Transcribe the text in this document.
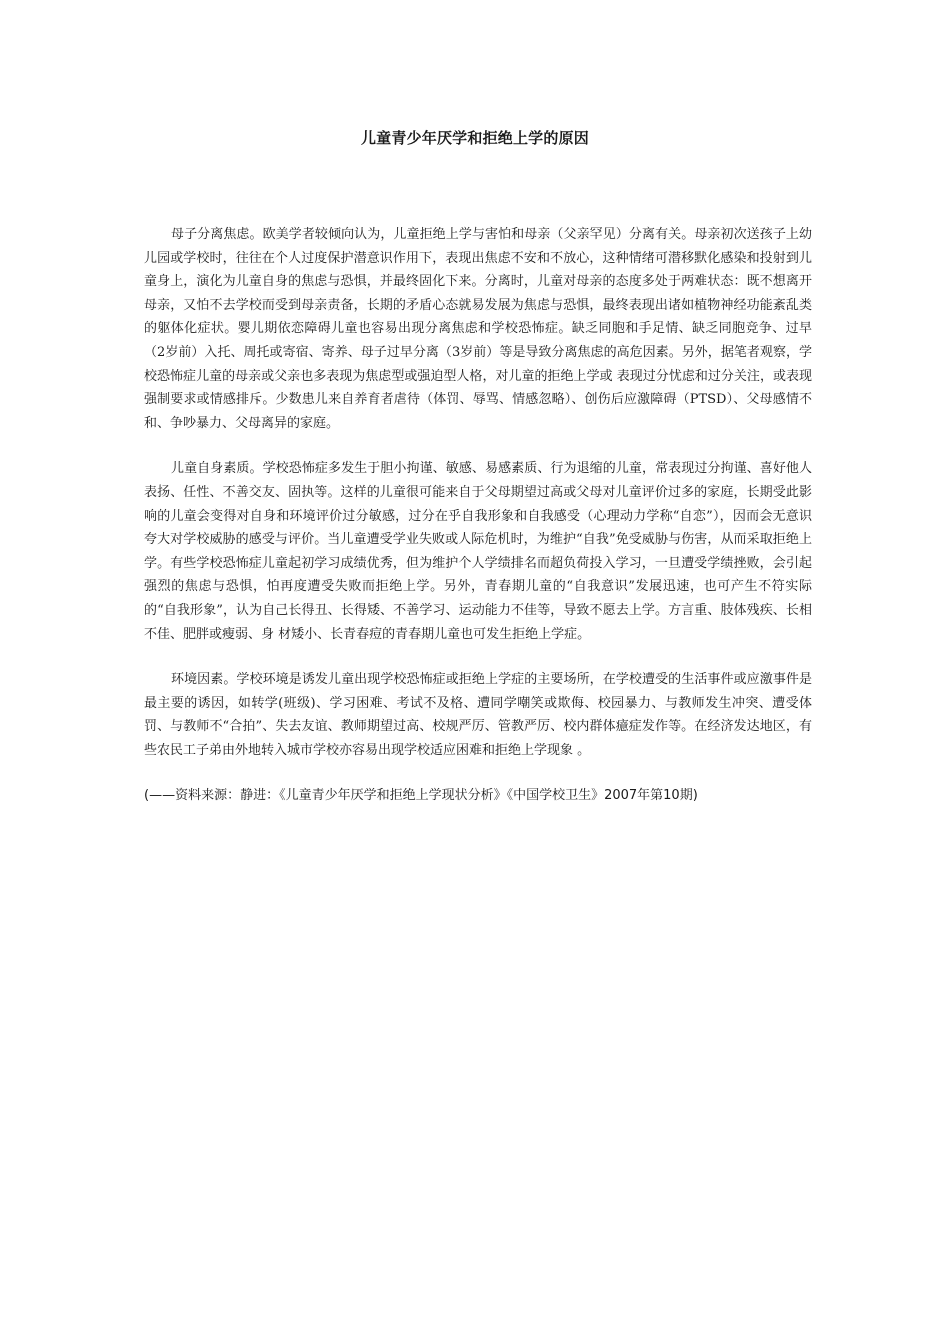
儿童青少年厌学和拒绝上学的原因

母子分离焦虑。欧美学者较倾向认为，儿童拒绝上学与害怕和母亲（父亲罕见）分离有关。母亲初次送孩子上幼儿园或学校时，往往在个人过度保护潜意识作用下，表现出焦虑不安和不放心，这种情绪可潜移默化感染和投射到儿童身上，演化为儿童自身的焦虑与恐惧，并最终固化下来。分离时，儿童对母亲的态度多处于两难状态：既不想离开母亲，又怕不去学校而受到母亲责备，长期的矛盾心态就易发展为焦虑与恐惧，最终表现出诸如植物神经功能紊乱类的躯体化症状。婴儿期依恋障碍儿童也容易出现分离焦虑和学校恐怖症。缺乏同胞和手足情、缺乏同胞竞争、过早（2岁前）入托、周托或寄宿、寄养、母子过早分离（3岁前）等是导致分离焦虑的高危因素。另外，据笔者观察，学校恐怖症儿童的母亲或父亲也多表现为焦虑型或强迫型人格，对儿童的拒绝上学或 表现过分忧虑和过分关注，或表现强制要求或情感排斥。少数患儿来自养育者虐待（体罚、辱骂、情感忽略）、创伤后应激障碍（PTSD）、父母感情不和、争吵暴力、父母离异的家庭。

儿童自身素质。学校恐怖症多发生于胆小拘谨、敏感、易感素质、行为退缩的儿童，常表现过分拘谨、喜好他人表扬、任性、不善交友、固执等。这样的儿童很可能来自于父母期望过高或父母对儿童评价过多的家庭，长期受此影响的儿童会变得对自身和环境评价过分敏感，过分在乎自我形象和自我感受（心理动力学称“自恋”），因而会无意识夸大对学校威胁的感受与评价。当儿童遭受学业失败或人际危机时，为维护“自我”免受威胁与伤害，从而采取拒绝上学。有些学校恐怖症儿童起初学习成绩优秀，但为维护个人学绩排名而超负荷投入学习，一旦遭受学绩挫败，会引起强烈的焦虑与恐惧，怕再度遭受失败而拒绝上学。另外，青春期儿童的“自我意识”发展迅速，也可产生不符实际的“自我形象”，认为自己长得丑、长得矮、不善学习、运动能力不佳等，导致不愿去上学。方言重、肢体残疾、长相不佳、肥胖或瘦弱、身 材矮小、长青春痘的青春期儿童也可发生拒绝上学症。

环境因素。学校环境是诱发儿童出现学校恐怖症或拒绝上学症的主要场所，在学校遭受的生活事件或应激事件是最主要的诱因，如转学(班级)、学习困难、考试不及格、遭同学嘲笑或欺侮、校园暴力、与教师发生冲突、遭受体罚、与教师不“合拍”、失去友谊、教师期望过高、校规严厉、管教严厉、校内群体癔症发作等。在经济发达地区，有些农民工子弟由外地转入城市学校亦容易出现学校适应困难和拒绝上学现象 。

(——资料来源：静进：《儿童青少年厌学和拒绝上学现状分析》《中国学校卫生》2007年第10期)
